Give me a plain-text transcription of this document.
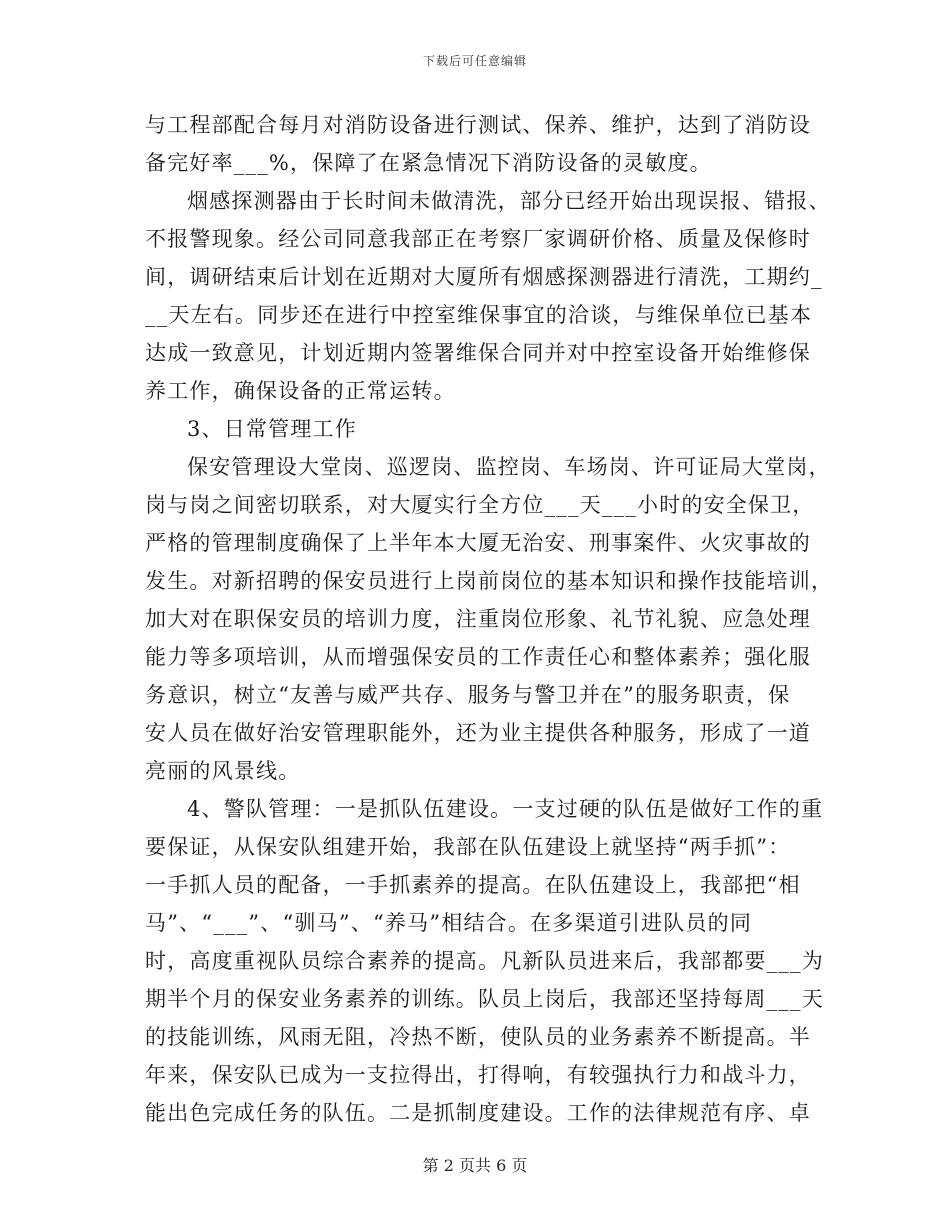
下载后可任意编辑
与工程部配合每月对消防设备进行测试、保养、维护，达到了消防设
备完好率___%，保障了在紧急情况下消防设备的灵敏度。
烟感探测器由于长时间未做清洗，部分已经开始出现误报、错报、
不报警现象。经公司同意我部正在考察厂家调研价格、质量及保修时
间，调研结束后计划在近期对大厦所有烟感探测器进行清洗，工期约_
__天左右。同步还在进行中控室维保事宜的洽谈，与维保单位已基本
达成一致意见，计划近期内签署维保合同并对中控室设备开始维修保
养工作，确保设备的正常运转。
3、日常管理工作
保安管理设大堂岗、巡逻岗、监控岗、车场岗、许可证局大堂岗，
岗与岗之间密切联系，对大厦实行全方位___天___小时的安全保卫，
严格的管理制度确保了上半年本大厦无治安、刑事案件、火灾事故的
发生。对新招聘的保安员进行上岗前岗位的基本知识和操作技能培训，
加大对在职保安员的培训力度，注重岗位形象、礼节礼貌、应急处理
能力等多项培训，从而增强保安员的工作责任心和整体素养；强化服
务意识，树立“友善与威严共存、服务与警卫并在”的服务职责，保
安人员在做好治安管理职能外，还为业主提供各种服务，形成了一道
亮丽的风景线。
4、警队管理：一是抓队伍建设。一支过硬的队伍是做好工作的重
要保证，从保安队组建开始，我部在队伍建设上就坚持“两手抓”：
一手抓人员的配备，一手抓素养的提高。在队伍建设上，我部把“相
马”、“___”、“驯马”、“养马”相结合。在多渠道引进队员的同
时，高度重视队员综合素养的提高。凡新队员进来后，我部都要___为
期半个月的保安业务素养的训练。队员上岗后，我部还坚持每周___天
的技能训练，风雨无阻，冷热不断，使队员的业务素养不断提高。半
年来，保安队已成为一支拉得出，打得响，有较强执行力和战斗力，
能出色完成任务的队伍。二是抓制度建设。工作的法律规范有序、卓
第 2 页共 6 页
